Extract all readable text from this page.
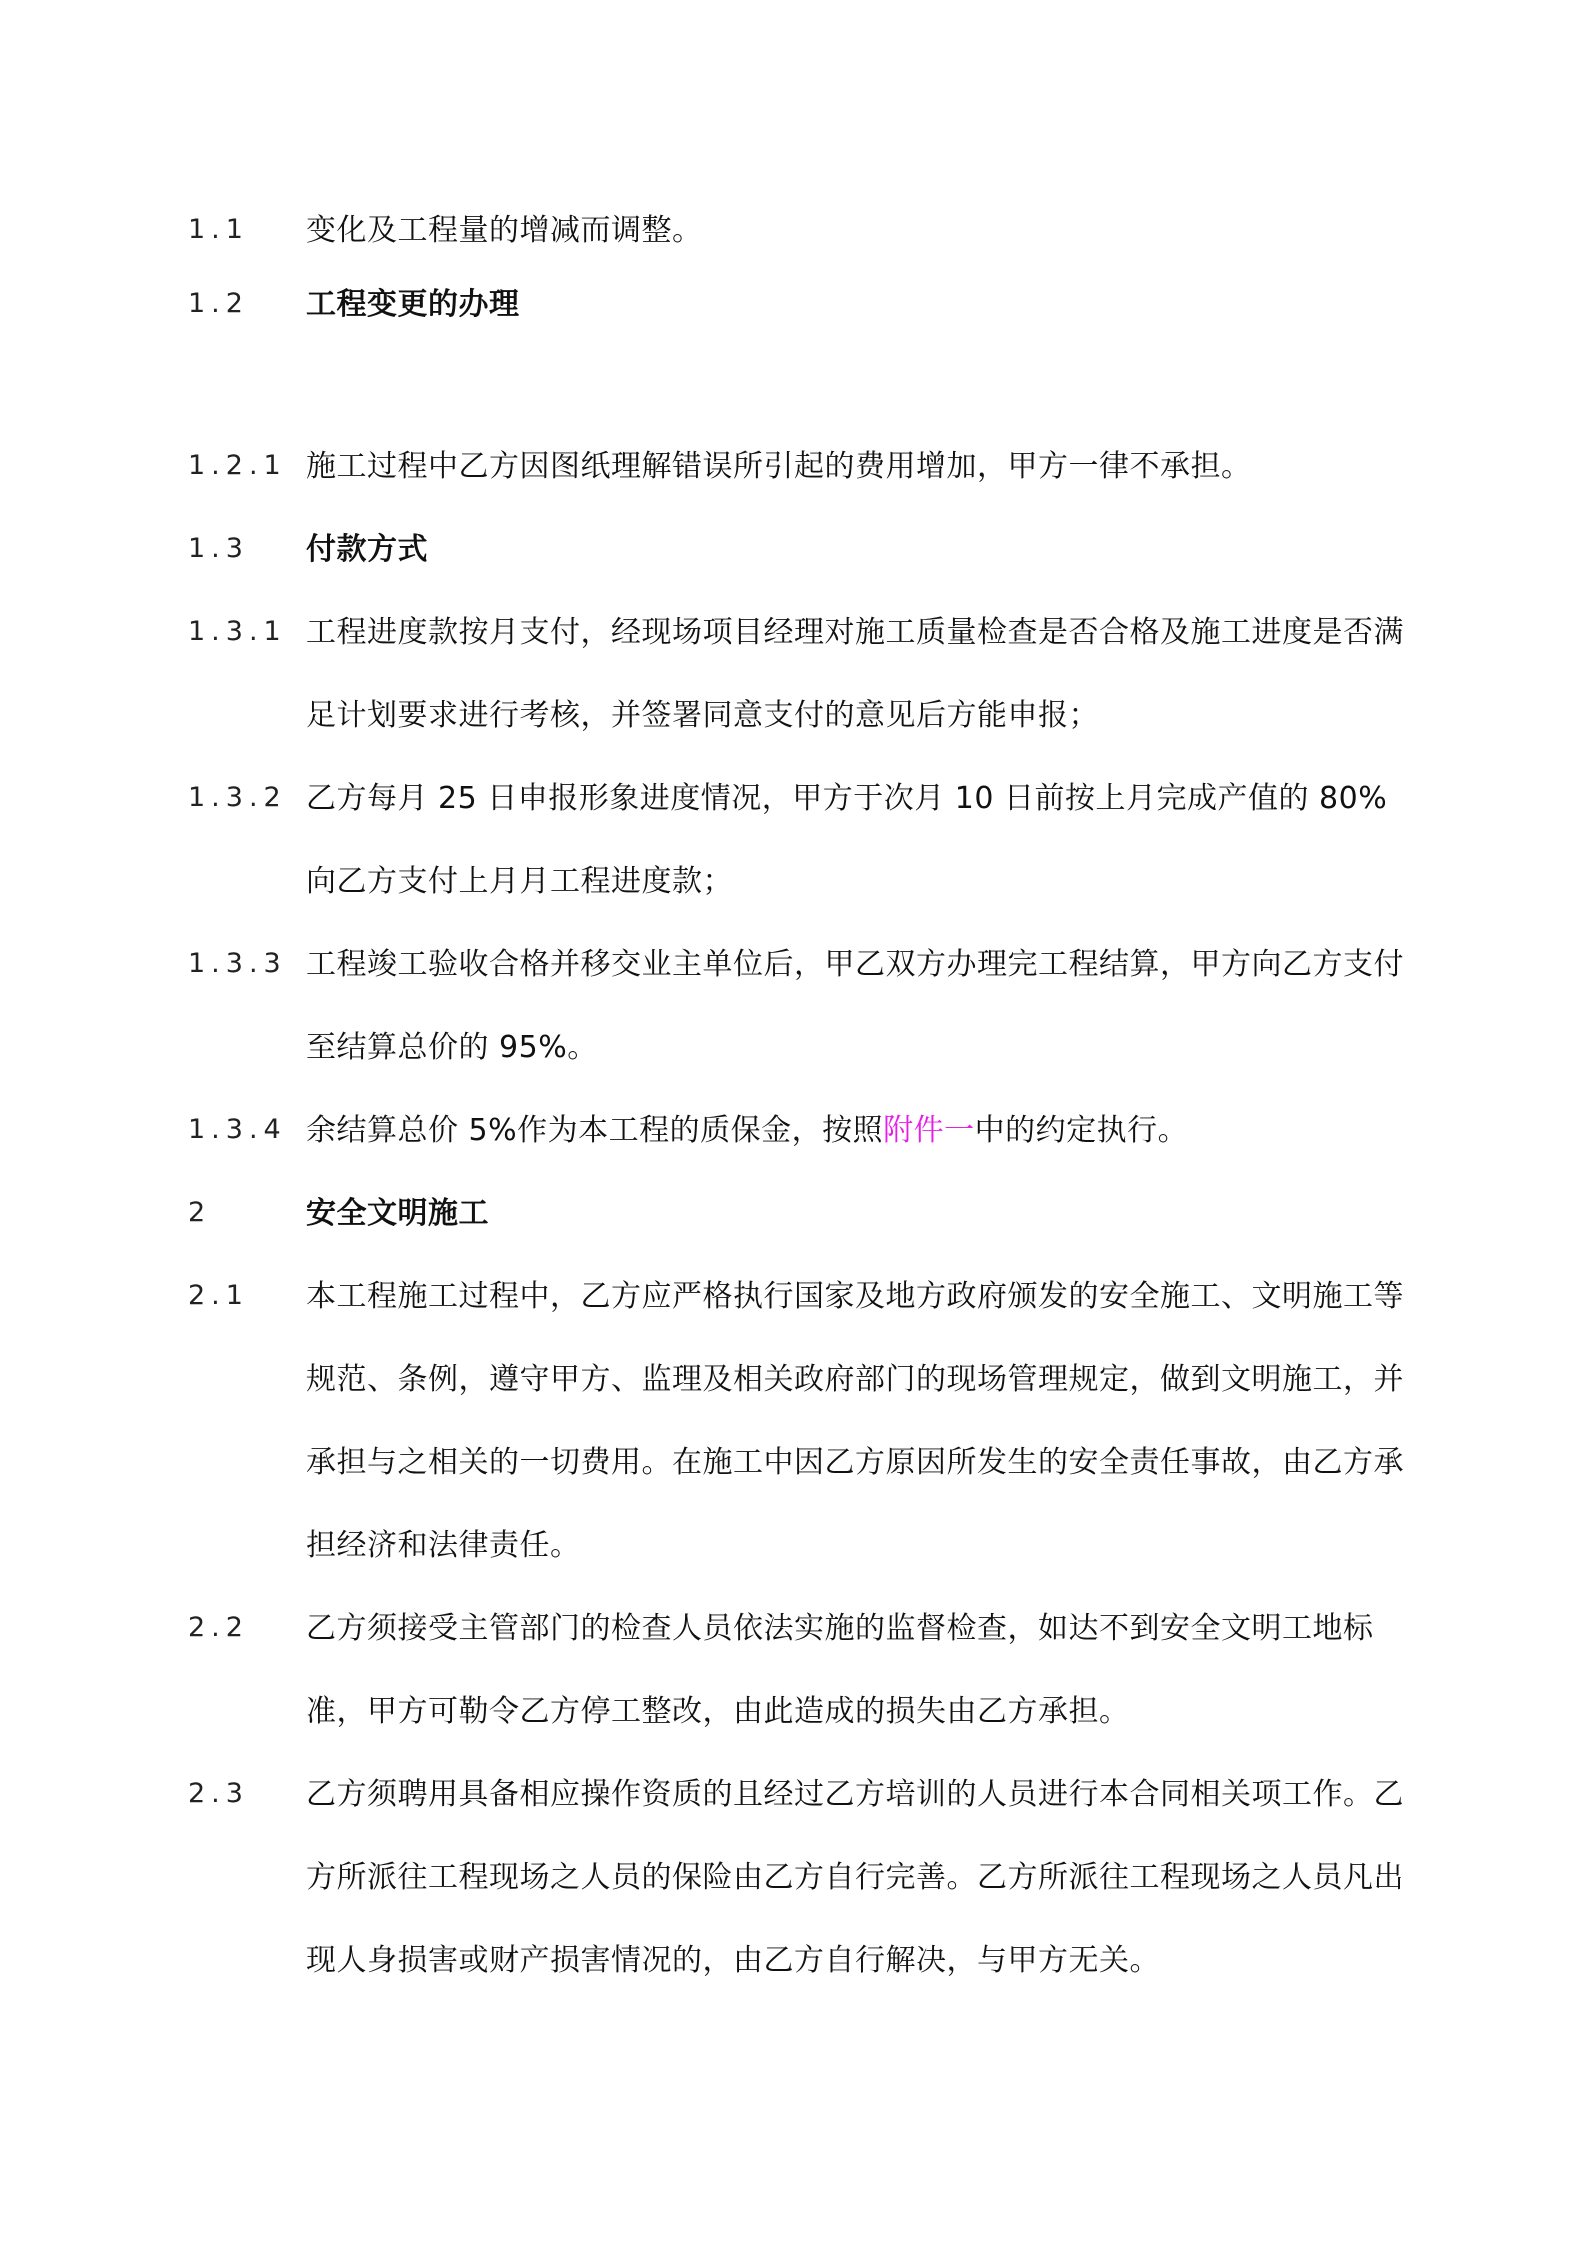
1.1 变化及工程量的增减而调整。
1.2 工程变更的办理
1.2.1 施工过程中乙方因图纸理解错误所引起的费用增加，甲方一律不承担。
1.3 付款方式
1.3.1 工程进度款按月支付，经现场项目经理对施工质量检查是否合格及施工进度是否满足计划要求进行考核，并签署同意支付的意见后方能申报；
1.3.2 乙方每月 25 日申报形象进度情况，甲方于次月 10 日前按上月完成产值的 80%向乙方支付上月月工程进度款；
1.3.3 工程竣工验收合格并移交业主单位后，甲乙双方办理完工程结算，甲方向乙方支付至结算总价的 95%。
1.3.4 余结算总价 5%作为本工程的质保金，按照附件一中的约定执行。
2	安全文明施工
2.1 本工程施工过程中，乙方应严格执行国家及地方政府颁发的安全施工、文明施工等规范、条例，遵守甲方、监理及相关政府部门的现场管理规定，做到文明施工，并承担与之相关的一切费用。在施工中因乙方原因所发生的安全责任事故，由乙方承担经济和法律责任。
2.2 乙方须接受主管部门的检查人员依法实施的监督检查，如达不到安全文明工地标准，甲方可勒令乙方停工整改，由此造成的损失由乙方承担。
2.3 乙方须聘用具备相应操作资质的且经过乙方培训的人员进行本合同相关项工作。乙方所派往工程现场之人员的保险由乙方自行完善。乙方所派往工程现场之人员凡出现人身损害或财产损害情况的，由乙方自行解决，与甲方无关。
